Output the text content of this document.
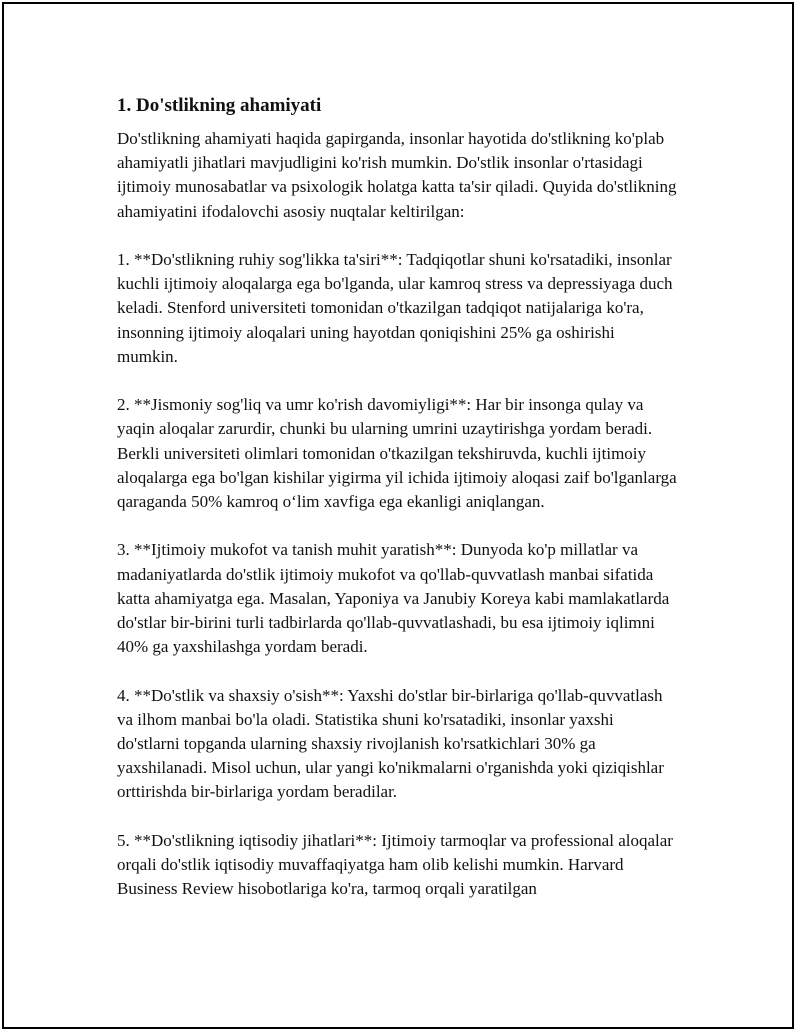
1. Do'stlikning ahamiyati

Do'stlikning ahamiyati haqida gapirganda, insonlar hayotida do'stlikning ko'plab ahamiyatli jihatlari mavjudligini ko'rish mumkin. Do'stlik insonlar o'rtasidagi ijtimoiy munosabatlar va psixologik holatga katta ta'sir qiladi. Quyida do'stlikning ahamiyatini ifodalovchi asosiy nuqtalar keltirilgan:

1. **Do'stlikning ruhiy sog'likka ta'siri**: Tadqiqotlar shuni ko'rsatadiki, insonlar kuchli ijtimoiy aloqalarga ega bo'lganda, ular kamroq stress va depressiyaga duch keladi. Stenford universiteti tomonidan o'tkazilgan tadqiqot natijalariga ko'ra, insonning ijtimoiy aloqalari uning hayotdan qoniqishini 25% ga oshirishi mumkin.

2. **Jismoniy sog'liq va umr ko'rish davomiyligi**: Har bir insonga qulay va yaqin aloqalar zarurdir, chunki bu ularning umrini uzaytirishga yordam beradi. Berkli universiteti olimlari tomonidan o'tkazilgan tekshiruvda, kuchli ijtimoiy aloqalarga ega bo'lgan kishilar yigirma yil ichida ijtimoiy aloqasi zaif bo'lganlarga qaraganda 50% kamroq o‘lim xavfiga ega ekanligi aniqlangan.

3. **Ijtimoiy mukofot va tanish muhit yaratish**: Dunyoda ko'p millatlar va madaniyatlarda do'stlik ijtimoiy mukofot va qo'llab-quvvatlash manbai sifatida katta ahamiyatga ega. Masalan, Yaponiya va Janubiy Koreya kabi mamlakatlarda do'stlar bir-birini turli tadbirlarda qo'llab-quvvatlashadi, bu esa ijtimoiy iqlimni 40% ga yaxshilashga yordam beradi.

4. **Do'stlik va shaxsiy o'sish**: Yaxshi do'stlar bir-birlariga qo'llab-quvvatlash va ilhom manbai bo'la oladi. Statistika shuni ko'rsatadiki, insonlar yaxshi do'stlarni topganda ularning shaxsiy rivojlanish ko'rsatkichlari 30% ga yaxshilanadi. Misol uchun, ular yangi ko'nikmalarni o'rganishda yoki qiziqishlar orttirishda bir-birlariga yordam beradilar.

5. **Do'stlikning iqtisodiy jihatlari**: Ijtimoiy tarmoqlar va professional aloqalar orqali do'stlik iqtisodiy muvaffaqiyatga ham olib kelishi mumkin. Harvard Business Review hisobotlariga ko'ra, tarmoq orqali yaratilgan
